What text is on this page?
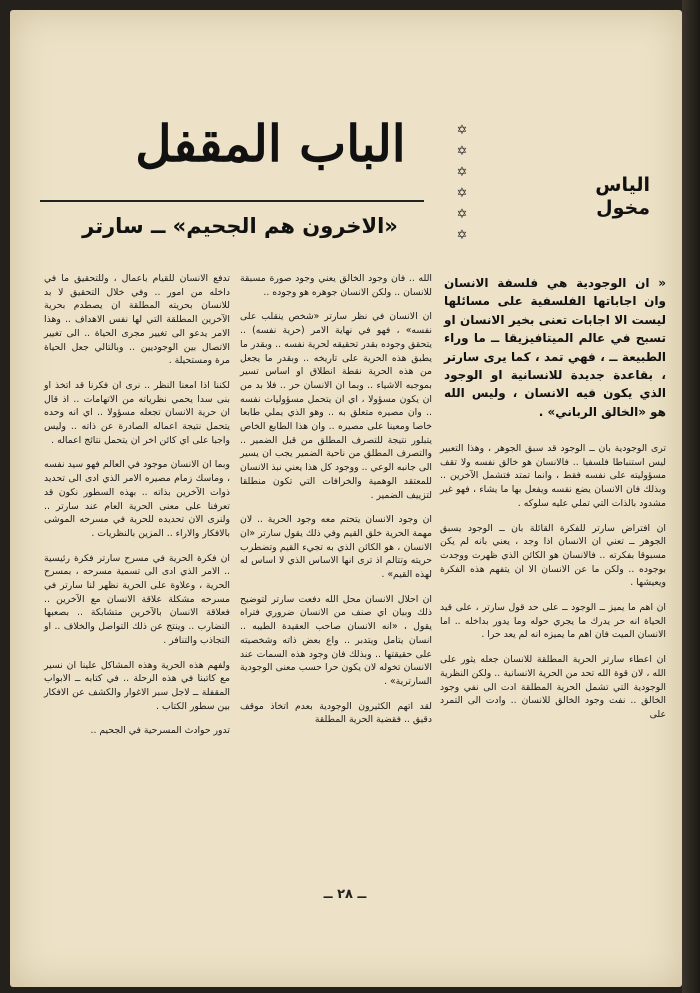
✡
✡
✡
✡
✡
✡
الباب المقفل
«الاخرون هم الجحيم» ــ سارتر
الياس
مخول
« ان الوجودية هي فلسفة الانسان وان اجاباتها الفلسفية على مسائلها ليست الا اجابات تعنى بخير الانسان او تسبح في عالم الميتافيزيقا ــ ما وراء الطبيعة ــ ، فهي تمد ، كما يرى سارتر ، بقاعدة جديدة للانسانية او الوجود الذي يكون فيه الانسان ، وليس الله هو «الخالق الرباني» .

ترى الوجودية بان ــ الوجود قد سبق الجوهر ، وهذا التعبير ليس استنباطا فلسفيا .. فالانسان هو خالق نفسه ولا تقف مسؤوليته على نفسه فقط ، وانما تمتد فتشمل الآخرين .. وبذلك فان الانسان يضع نفسه ويفعل بها ما يشاء ، فهو غير مشدود بالذات التي تملي عليه سلوكه .

ان افتراض سارتر للفكرة القائلة بان ــ الوجود يسبق الجوهر ــ تعني ان الانسان اذا وجد ، يعني بانه لم يكن مسبوقا بفكرته .. فالانسان هو الكائن الذي ظهرت ووجدت بوجوده .. ولكن ما عن الانسان الا ان يتفهم هذه الفكرة ويعيشها .

ان اهم ما يميز ــ الوجود ــ على حد قول سارتر ، على قيد الحياة انه حر يدرك ما يجري حوله وما يدور بداخله .. اما الانسان الميت فان اهم ما يميزه انه لم يعد حرا .

ان اعطاء سارتر الحرية المطلقة للانسان جعله يثور على الله ، لان قوة الله تحد من الحرية الانسانية .. ولكن النظرية الوجودية التي تشمل الحرية المطلقة ادت الى نفي وجود الخالق .. نفت وجود الخالق للانسان .. وادت الى التمرد على

الله .. فان وجود الخالق يعني وجود صورة مسبقة للانسان .. ولكن الانسان جوهره هو وجوده ..

ان الانسان في نظر سارتر «شخص ينقلب على نفسه» ، فهو في نهاية الامر (حرية نفسه) .. يتحقق وجوده بقدر تحقيقه لحرية نفسه .. وبقدر ما يطبق هذه الحرية على تاريخه .. وبقدر ما يجعل من هذه الحرية نقطة انطلاق او اساس تسير بموجبه الاشياء .. وبما ان الانسان حر .. فلا بد من ان يكون مسؤولا ، اي ان يتحمل مسؤوليات نفسه .. وان مصيره متعلق به .. وهو الذي يملي طابعا خاصا ومعينا على مصيره .. وان هذا الطابع الخاص يتبلور نتيجة للتصرف المطلق من قبل الضمير .. والتصرف المطلق من ناحية الضمير يجب ان يسير الى جانبه الوعي .. ووجود كل هذا يعني نبذ الانسان للمعتقد الوهمية والخرافات التي تكون منطلقا لتزييف الضمير .

ان وجود الانسان يتحتم معه وجود الحرية .. لان مهمة الحرية خلق القيم وفي ذلك يقول سارتر «ان الانسان ، هو الكائن الذي به تجيء القيم وتضطرب حريته وتتالم اذ ترى انها الاساس الذي لا اساس له لهذه القيم» .

ان احلال الانسان محل الله دفعت سارتر لتوضيح ذلك وبيان اي صنف من الانسان ضروري فتراه يقول ، «انه الانسان صاحب العقيدة الطيبه .. انسان يتامل ويتدبر .. واع بعض ذاته وشخصيته على حقيقتها .. وبذلك فان وجود هذه السمات عند الانسان تخوله لان يكون حرا حسب معنى الوجودية السارترية» .

لقد اتهم الكثيرون الوجودية بعدم اتخاذ موقف دقيق .. فقضية الحرية المطلقة

تدفع الانسان للقيام باعمال ، وللتحقيق ما في داخله من امور .. وفي خلال التحقيق لا بد للانسان بحريته المطلقة ان يصطدم بحرية الآخرين المطلقة التي لها نفس الاهداف .. وهذا الامر يدعو الى تغيير مجرى الحياة .. الى تغيير الاتصال بين الوجوديين .. وبالتالي جعل الحياة مرة ومستحيلة .

لكننا اذا امعنا النظر .. نرى ان فكرنا قد اتخذ او بنى سدا يحمي نظرياته من الاتهامات .. اذ قال ان حرية الانسان تجعله مسؤولا .. اي انه وحده يتحمل نتيجة اعماله الصادرة عن ذاته .. وليس واجبا على اي كائن اخر ان يتحمل نتائج اعماله .

وبما ان الانسان موجود في العالم فهو سيد نفسه ، وماسك زمام مصيره الامر الذي ادى الى تحديد ذوات الآخرين بذاته .. بهذه السطور نكون قد تعرفنا على معنى الحرية العام عند سارتر .. ولنرى الان تحديده للحرية في مسرحه الموشى بالافكار والاراء .. المزين بالنظريات .

ان فكرة الحرية في مسرح سارتر فكرة رئيسية .. الامر الذي ادى الى تسمية مسرحه ، بمسرح الحرية ، وعلاوة على الحرية نظهر لنا سارتر في مسرحه مشكلة علاقة الانسان مع الآخرين .. فعلاقة الانسان بالآخرين متشابكة .. بصعبها التضارب .. وينتج عن ذلك التواصل والخلاف .. او التجاذب والتنافر .

ولفهم هذه الحرية وهذه المشاكل علينا ان نسير مع كاتبنا في هذه الرحلة .. في كتابه ــ الابواب المقفلة ــ لاجل سبر الاغوار والكشف عن الافكار بين سطور الكتاب .

تدور حوادث المسرحية في الجحيم ..

ــ ٢٨ ــ
